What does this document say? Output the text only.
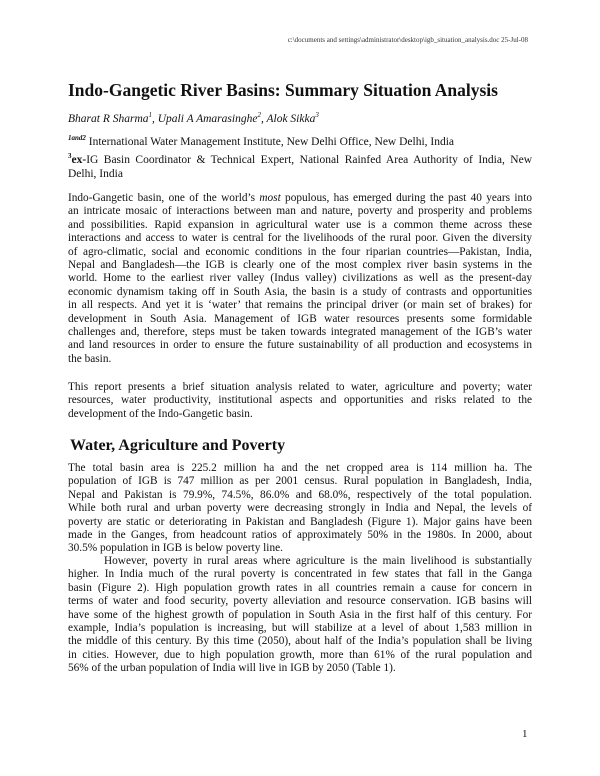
c:\documents and settings\administrator\desktop\igb_situation_analysis.doc 25-Jul-08
Indo-Gangetic River Basins: Summary Situation Analysis
Bharat R Sharma$^1$, Upali A Amarasinghe$^2$, Alok Sikka$^3$
$^{1and2}$ International Water Management Institute, New Delhi Office, New Delhi, India
$^3$ex-IG Basin Coordinator & Technical Expert, National Rainfed Area Authority of India, New Delhi, India
Indo-Gangetic basin, one of the world’s most populous, has emerged during the past 40 years into
an intricate mosaic of interactions between man and nature, poverty and prosperity and problems
and possibilities. Rapid expansion in agricultural water use is a common theme across these
interactions and access to water is central for the livelihoods of the rural poor. Given the diversity
of agro-climatic, social and economic conditions in the four riparian countries—Pakistan, India,
Nepal and Bangladesh—the IGB is clearly one of the most complex river basin systems in the
world. Home to the earliest river valley (Indus valley) civilizations as well as the present-day
economic dynamism taking off in South Asia, the basin is a study of contrasts and opportunities
in all respects. And yet it is ‘water’ that remains the principal driver (or main set of brakes) for
development in South Asia. Management of IGB water resources presents some formidable
challenges and, therefore, steps must be taken towards integrated management of the IGB’s water
and land resources in order to ensure the future sustainability of all production and ecosystems in
the basin.
This report presents a brief situation analysis related to water, agriculture and poverty; water
resources, water productivity, institutional aspects and opportunities and risks related to the
development of the Indo-Gangetic basin.
Water, Agriculture and Poverty
The total basin area is 225.2 million ha and the net cropped area is 114 million ha. The
population of IGB is 747 million as per 2001 census. Rural population in Bangladesh, India,
Nepal and Pakistan is 79.9%, 74.5%, 86.0% and 68.0%, respectively of the total population.
While both rural and urban poverty were decreasing strongly in India and Nepal, the levels of
poverty are static or deteriorating in Pakistan and Bangladesh (Figure 1). Major gains have been
made in the Ganges, from headcount ratios of approximately 50% in the 1980s. In 2000, about
30.5% population in IGB is below poverty line.
However, poverty in rural areas where agriculture is the main livelihood is substantially
higher. In India much of the rural poverty is concentrated in few states that fall in the Ganga
basin (Figure 2). High population growth rates in all countries remain a cause for concern in
terms of water and food security, poverty alleviation and resource conservation. IGB basins will
have some of the highest growth of population in South Asia in the first half of this century. For
example, India’s population is increasing, but will stabilize at a level of about 1,583 million in
the middle of this century. By this time (2050), about half of the India’s population shall be living
in cities. However, due to high population growth, more than 61% of the rural population and
56% of the urban population of India will live in IGB by 2050 (Table 1).
1
